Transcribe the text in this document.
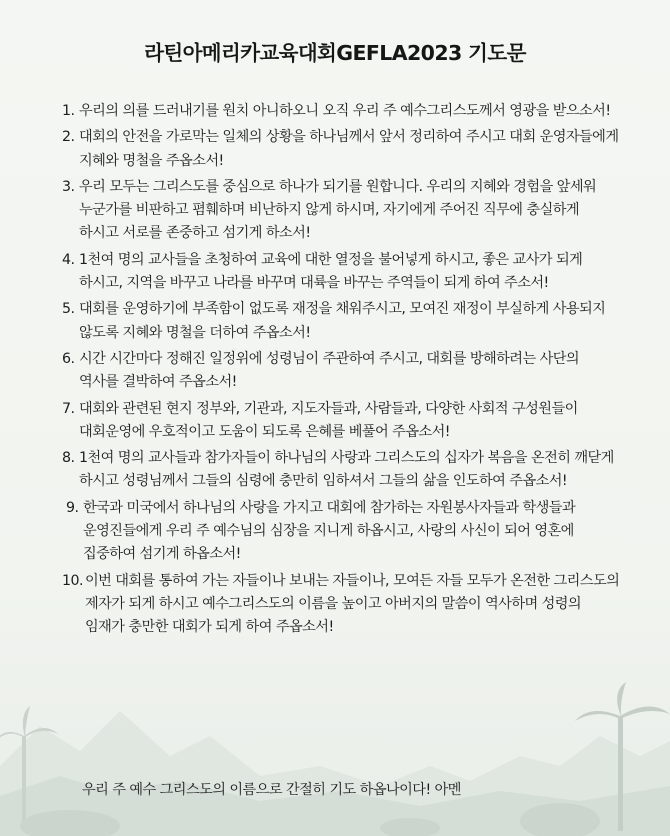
라틴아메리카교육대회GEFLA2023 기도문
1. 우리의 의를 드러내기를 원치 아니하오니 오직 우리 주 예수그리스도께서 영광을 받으소서!
2. 대회의 안전을 가로막는 일체의 상황을 하나님께서 앞서 정리하여 주시고 대회 운영자들에게 지혜와 명철을 주옵소서!
3. 우리 모두는 그리스도를 중심으로 하나가 되기를 원합니다. 우리의 지혜와 경험을 앞세워 누군가를 비판하고 폄훼하며 비난하지 않게 하시며, 자기에게 주어진 직무에 충실하게 하시고 서로를 존중하고 섬기게 하소서!
4. 1천여 명의 교사들을 초청하여 교육에 대한 열정을 불어넣게 하시고, 좋은 교사가 되게 하시고, 지역을 바꾸고 나라를 바꾸며 대륙을 바꾸는 주역들이 되게 하여 주소서!
5. 대회를 운영하기에 부족함이 없도록 재정을 채워주시고, 모여진 재정이 부실하게 사용되지 않도록 지혜와 명철을 더하여 주옵소서!
6. 시간 시간마다 정해진 일정위에 성령님이 주관하여 주시고, 대회를 방해하려는 사단의 역사를 결박하여 주옵소서!
7. 대회와 관련된 현지 정부와, 기관과, 지도자들과, 사람들과, 다양한 사회적 구성원들이 대회운영에 우호적이고 도움이 되도록 은혜를 베풀어 주옵소서!
8. 1천여 명의 교사들과 참가자들이 하나님의 사랑과 그리스도의 십자가 복음을 온전히 깨닫게 하시고 성령님께서 그들의 심령에 충만히 임하셔서 그들의 삶을 인도하여 주옵소서!
9. 한국과 미국에서 하나님의 사랑을 가지고 대회에 참가하는 자원봉사자들과 학생들과 운영진들에게 우리 주 예수님의 심장을 지니게 하옵시고, 사랑의 사신이 되어 영혼에 집중하여 섬기게 하옵소서!
10. 이번 대회를 통하여 가는 자들이나 보내는 자들이나, 모여든 자들 모두가 온전한 그리스도의 제자가 되게 하시고 예수그리스도의 이름을 높이고 아버지의 말씀이 역사하며 성령의 임재가 충만한 대회가 되게 하여 주옵소서!
우리 주 예수 그리스도의 이름으로 간절히 기도 하옵나이다! 아멘
